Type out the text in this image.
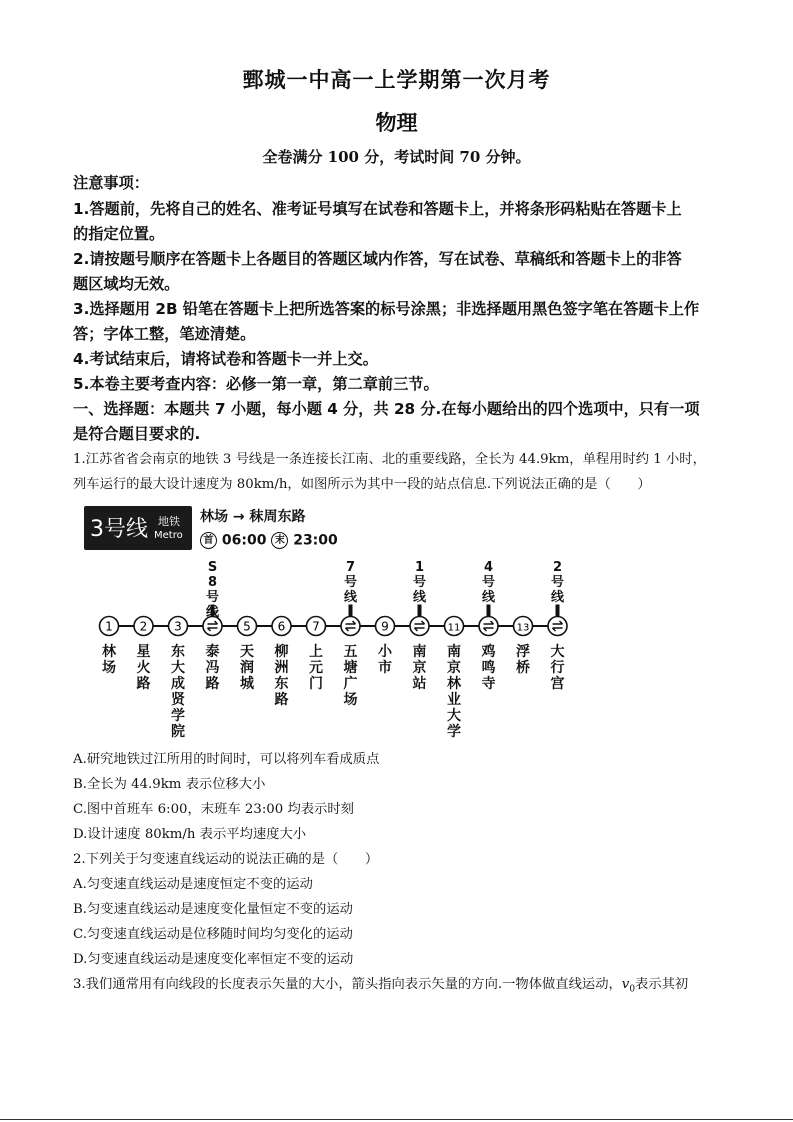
鄄城一中高一上学期第一次月考
物理
全卷满分 100 分，考试时间 70 分钟。
注意事项：
1.答题前，先将自己的姓名、准考证号填写在试卷和答题卡上，并将条形码粘贴在答题卡上
的指定位置。
2.请按题号顺序在答题卡上各题目的答题区域内作答，写在试卷、草稿纸和答题卡上的非答
题区域均无效。
3.选择题用 2B 铅笔在答题卡上把所选答案的标号涂黑；非选择题用黑色签字笔在答题卡上作
答；字体工整，笔迹清楚。
4.考试结束后，请将试卷和答题卡一并上交。
5.本卷主要考查内容：必修一第一章，第二章前三节。
一、选择题：本题共 7 小题，每小题 4 分，共 28 分.在每小题给出的四个选项中，只有一项
是符合题目要求的.
1.江苏省省会南京的地铁 3 号线是一条连接长江南、北的重要线路，全长为 44.9km，单程用时约 1 小时，
列车运行的最大设计速度为 80km/h，如图所示为其中一段的站点信息.下列说法正确的是（　　）
3号线 地铁
Metro
林场 → 秣周东路
首 06:00 末 23:00
1 2 3	5 6 7	9	11	13
林
场
星
火
路
东
大
成
贤
学
院
S8
号
线
泰
冯
路
天
润
城
柳
洲
东
路
上
元
门
7
号
线
五
塘
广
场
小
市
1
号
线
南
京
站
南
京
林
业
大
学
4
号
线
鸡
鸣
寺
浮
桥
2
号
线
大
行
宫
A.研究地铁过江所用的时间时，可以将列车看成质点
B.全长为 44.9km 表示位移大小
C.图中首班车 6:00，末班车 23:00 均表示时刻
D.设计速度 80km/h 表示平均速度大小
2.下列关于匀变速直线运动的说法正确的是（　　）
A.匀变速直线运动是速度恒定不变的运动
B.匀变速直线运动是速度变化量恒定不变的运动
C.匀变速直线运动是位移随时间均匀变化的运动
D.匀变速直线运动是速度变化率恒定不变的运动
3.我们通常用有向线段的长度表示矢量的大小，箭头指向表示矢量的方向.一物体做直线运动，$v_0$表示其初
